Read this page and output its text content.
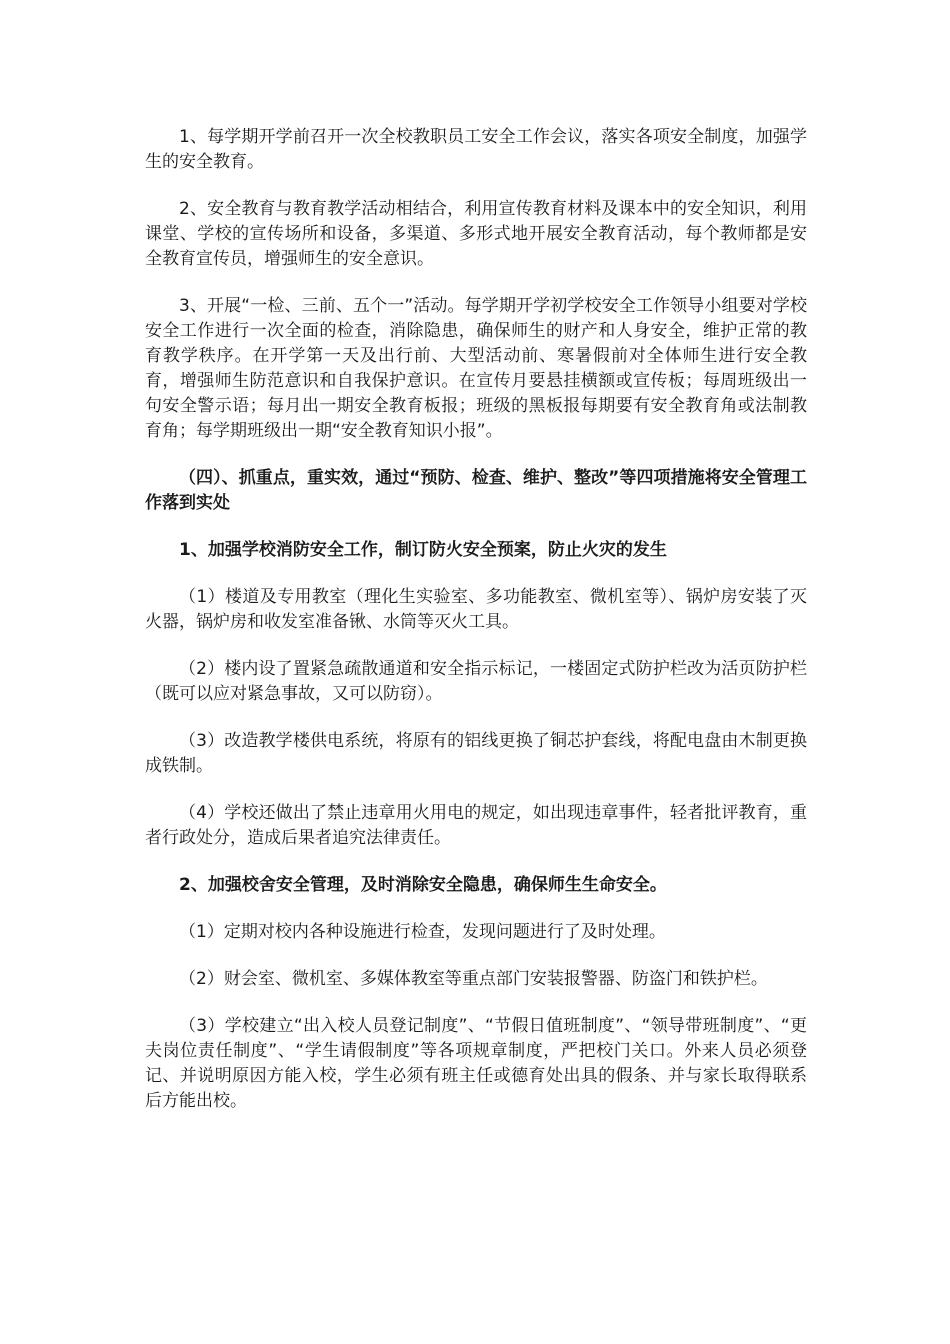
1、每学期开学前召开一次全校教职员工安全工作会议，落实各项安全制度，加强学生的安全教育。

2、安全教育与教育教学活动相结合，利用宣传教育材料及课本中的安全知识，利用课堂、学校的宣传场所和设备，多渠道、多形式地开展安全教育活动，每个教师都是安全教育宣传员，增强师生的安全意识。

3、开展“一检、三前、五个一”活动。每学期开学初学校安全工作领导小组要对学校安全工作进行一次全面的检查，消除隐患，确保师生的财产和人身安全，维护正常的教育教学秩序。在开学第一天及出行前、大型活动前、寒暑假前对全体师生进行安全教育，增强师生防范意识和自我保护意识。在宣传月要悬挂横额或宣传板；每周班级出一句安全警示语；每月出一期安全教育板报；班级的黑板报每期要有安全教育角或法制教育角；每学期班级出一期“安全教育知识小报”。

（四）、抓重点，重实效，通过“预防、检查、维护、整改”等四项措施将安全管理工作落到实处

1、加强学校消防安全工作，制订防火安全预案，防止火灾的发生

（1）楼道及专用教室（理化生实验室、多功能教室、微机室等）、锅炉房安装了灭火器，锅炉房和收发室准备锹、水筒等灭火工具。

（2）楼内设了置紧急疏散通道和安全指示标记，一楼固定式防护栏改为活页防护栏（既可以应对紧急事故，又可以防窃）。

（3）改造教学楼供电系统，将原有的铝线更换了铜芯护套线，将配电盘由木制更换成铁制。

（4）学校还做出了禁止违章用火用电的规定，如出现违章事件，轻者批评教育，重者行政处分，造成后果者追究法律责任。

2、加强校舍安全管理，及时消除安全隐患，确保师生生命安全。

（1）定期对校内各种设施进行检查，发现问题进行了及时处理。

（2）财会室、微机室、多媒体教室等重点部门安装报警器、防盗门和铁护栏。

（3）学校建立“出入校人员登记制度”、“节假日值班制度”、“领导带班制度”、“更夫岗位责任制度”、“学生请假制度”等各项规章制度，严把校门关口。外来人员必须登记、并说明原因方能入校，学生必须有班主任或德育处出具的假条、并与家长取得联系后方能出校。
